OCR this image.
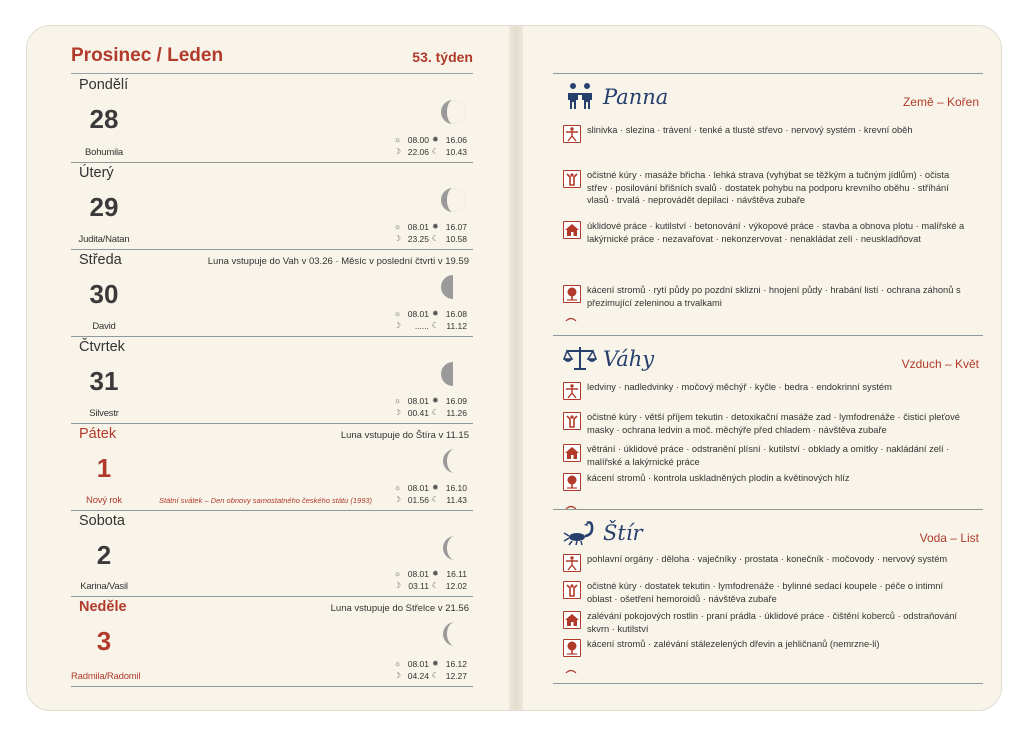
Prosinec / Leden	53. týden
Pondělí
28
Bohumila
☼ 08.00 ✹ 16.06
☽ 22.06 ☾ 10.43
Úterý
29
Judita/Natan
☼ 08.01 ✹ 16.07
☽ 23.25 ☾ 10.58
Středa
30
David
Luna vstupuje do Vah v 03.26 · Měsíc v poslední čtvrti v 19.59
☼ 08.01 ✹ 16.08
☽	...... ☾ 11.12
Čtvrtek
31
Silvestr
☼ 08.01 ✹ 16.09
☽ 00.41 ☾ 11.26
Pátek
1
Nový rok
Luna vstupuje do Štíra v 11.15
Státní svátek – Den obnovy samostatného českého státu (1993)
☼ 08.01 ✹ 16.10
☽ 01.56 ☾ 11.43
Sobota
2
Karina/Vasil
☼ 08.01 ✹ 16.11
☽ 03.11 ☾ 12.02
Neděle
3
Radmila/Radomil
Luna vstupuje do Střelce v 21.56
☼ 08.01 ✹ 16.12
☽ 04.24 ☾ 12.27
Panna	Země – Kořen
slinivka · slezina · trávení · tenké a tlusté střevo · nervový systém · krevní oběh
očistné kúry · masáže břicha · lehká strava (vyhýbat se těžkým a tučným jídlům) · očista střev · posilování břišních svalů · dostatek pohybu na podporu krevního oběhu · stříhání vlasů · trvalá · neprovádět depilaci · návštěva zubaře
úklidové práce · kutilství · betonování · výkopové práce · stavba a obnova plotu · malířské a lakýrnické práce · nezavařovat · nekonzervovat · nenakládat zelí · neuskladňovat
kácení stromů · rytí půdy po pozdní sklizni · hnojení půdy · hrabání listí · ochrana záhonů s přezimující zeleninou a trvalkami
Váhy	Vzduch – Květ
ledviny · nadledvinky · močový měchýř · kyčle · bedra · endokrinní systém
očistné kúry · větší příjem tekutin · detoxikační masáže zad · lymfodrenáže · čisticí pleťové masky · ochrana ledvin a moč. měchýře před chladem · návštěva zubaře
větrání · úklidové práce · odstranění plísní · kutilství · obklady a omítky · nakládání zelí · malířské a lakýrnické práce
kácení stromů · kontrola uskladněných plodin a květinových hlíz
Štír	Voda – List
pohlavní orgány · děloha · vaječníky · prostata · konečník · močovody · nervový systém
očistné kúry · dostatek tekutin · lymfodrenáže · bylinné sedací koupele · péče o intimní oblast · ošetření hemoroidů · návštěva zubaře
zalévání pokojových rostlin · praní prádla · úklidové práce · čištění koberců · odstraňování skvrn · kutilství
kácení stromů · zalévání stálezelených dřevin a jehličnanů (nemrzne-li)
